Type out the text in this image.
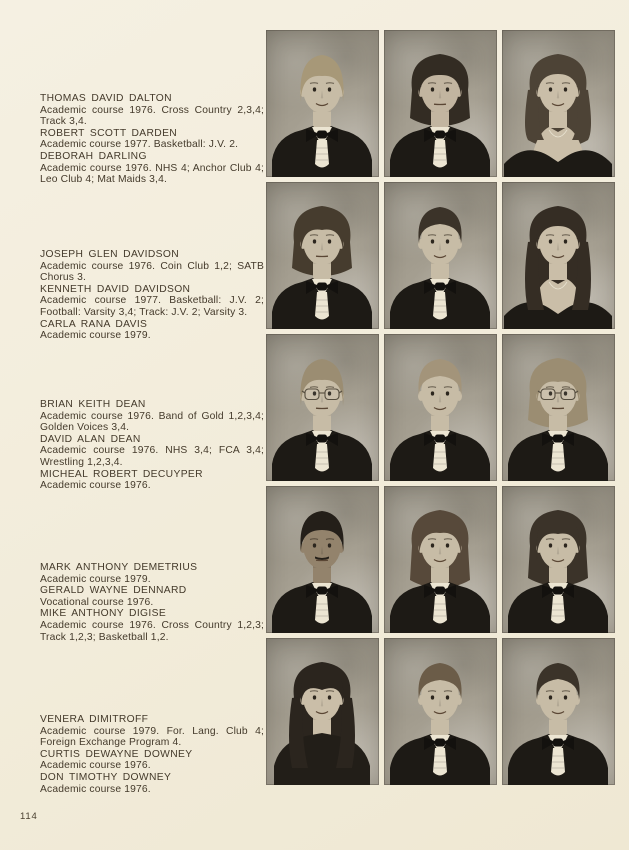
THOMAS DAVID DALTON
Academic course 1976. Cross Country 2,3,4; Track 3,4.
ROBERT SCOTT DARDEN
Academic course 1977. Basketball: J.V. 2.
DEBORAH DARLING
Academic course 1976. NHS 4; Anchor Club 4; Leo Club 4; Mat Maids 3,4.
JOSEPH GLEN DAVIDSON
Academic course 1976. Coin Club 1,2; SATB Chorus 3.
KENNETH DAVID DAVIDSON
Academic course 1977. Basketball: J.V. 2; Football: Varsity 3,4; Track: J.V. 2; Varsity 3.
CARLA RANA DAVIS
Academic course 1979.
BRIAN KEITH DEAN
Academic course 1976. Band of Gold 1,2,3,4; Golden Voices 3,4.
DAVID ALAN DEAN
Academic course 1976. NHS 3,4; FCA 3,4; Wrestling 1,2,3,4.
MICHEAL ROBERT DECUYPER
Academic course 1976.
MARK ANTHONY DEMETRIUS
Academic course 1979.
GERALD WAYNE DENNARD
Vocational course 1976.
MIKE ANTHONY DIGISE
Academic course 1976. Cross Country 1,2,3; Track 1,2,3; Basketball 1,2.
VENERA DIMITROFF
Academic course 1979. For. Lang. Club 4; Foreign Exchange Program 4.
CURTIS DEWAYNE DOWNEY
Academic course 1976.
DON TIMOTHY DOWNEY
Academic course 1976.
114
